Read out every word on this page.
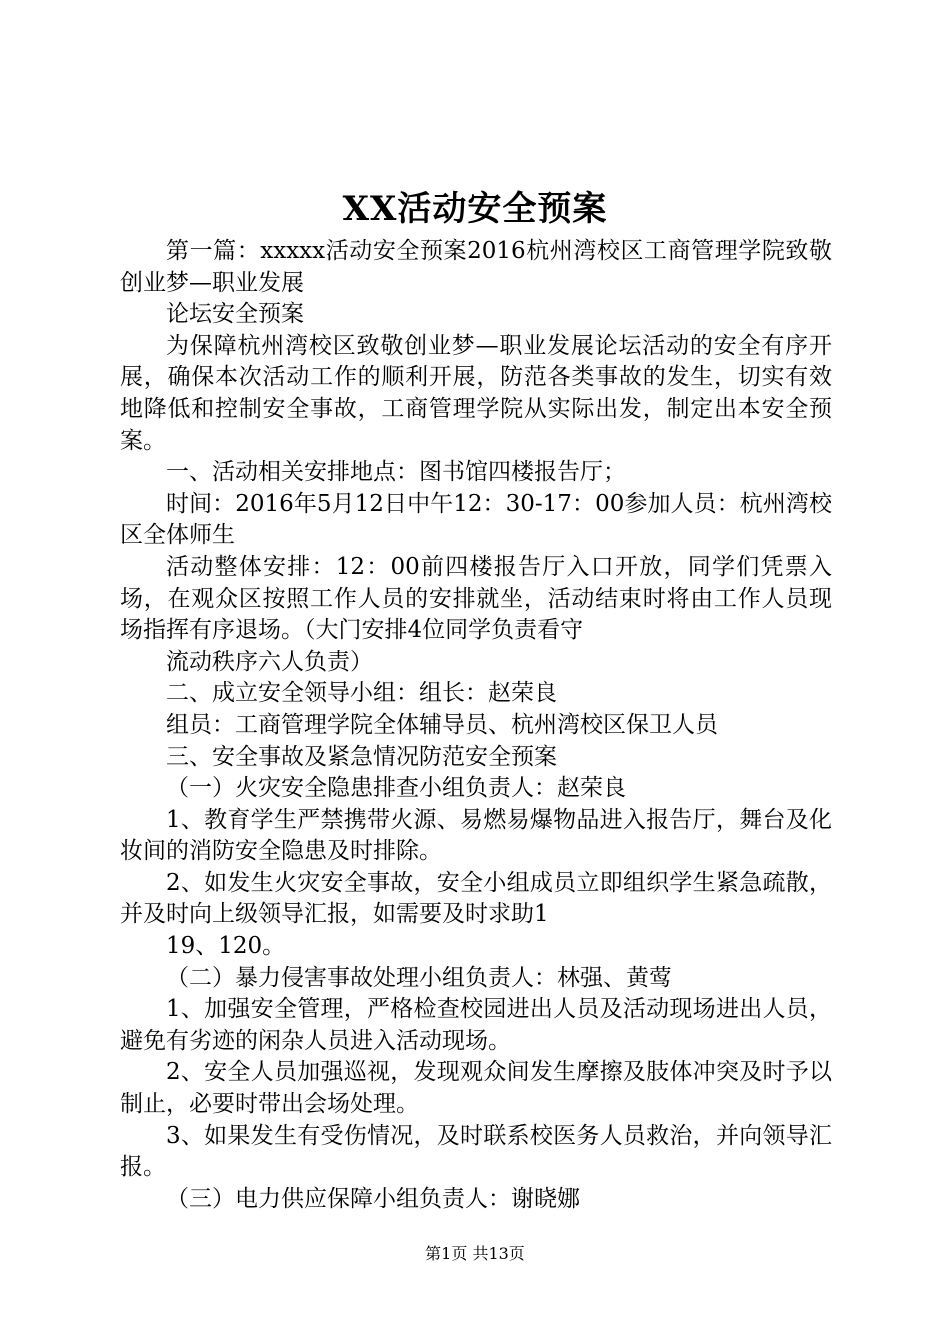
XX活动安全预案

第一篇：xxxxx活动安全预案2016杭州湾校区工商管理学院致敬创业梦—职业发展

论坛安全预案

为保障杭州湾校区致敬创业梦—职业发展论坛活动的安全有序开展，确保本次活动工作的顺利开展，防范各类事故的发生，切实有效地降低和控制安全事故，工商管理学院从实际出发，制定出本安全预案。

一、活动相关安排地点：图书馆四楼报告厅；

时间：2016年5月12日中午12：30-17：00参加人员：杭州湾校区全体师生

活动整体安排：12：00前四楼报告厅入口开放，同学们凭票入场，在观众区按照工作人员的安排就坐，活动结束时将由工作人员现场指挥有序退场。（大门安排4位同学负责看守

流动秩序六人负责）

二、成立安全领导小组：组长：赵荣良

组员：工商管理学院全体辅导员、杭州湾校区保卫人员

三、安全事故及紧急情况防范安全预案

（一）火灾安全隐患排查小组负责人：赵荣良

1、教育学生严禁携带火源、易燃易爆物品进入报告厅，舞台及化妆间的消防安全隐患及时排除。

2、如发生火灾安全事故，安全小组成员立即组织学生紧急疏散，并及时向上级领导汇报，如需要及时求助1

19、120。

（二）暴力侵害事故处理小组负责人：林强、黄莺

1、加强安全管理，严格检查校园进出人员及活动现场进出人员，避免有劣迹的闲杂人员进入活动现场。

2、安全人员加强巡视，发现观众间发生摩擦及肢体冲突及时予以制止，必要时带出会场处理。

3、如果发生有受伤情况，及时联系校医务人员救治，并向领导汇报。

（三）电力供应保障小组负责人：谢晓娜

第1页 共13页
